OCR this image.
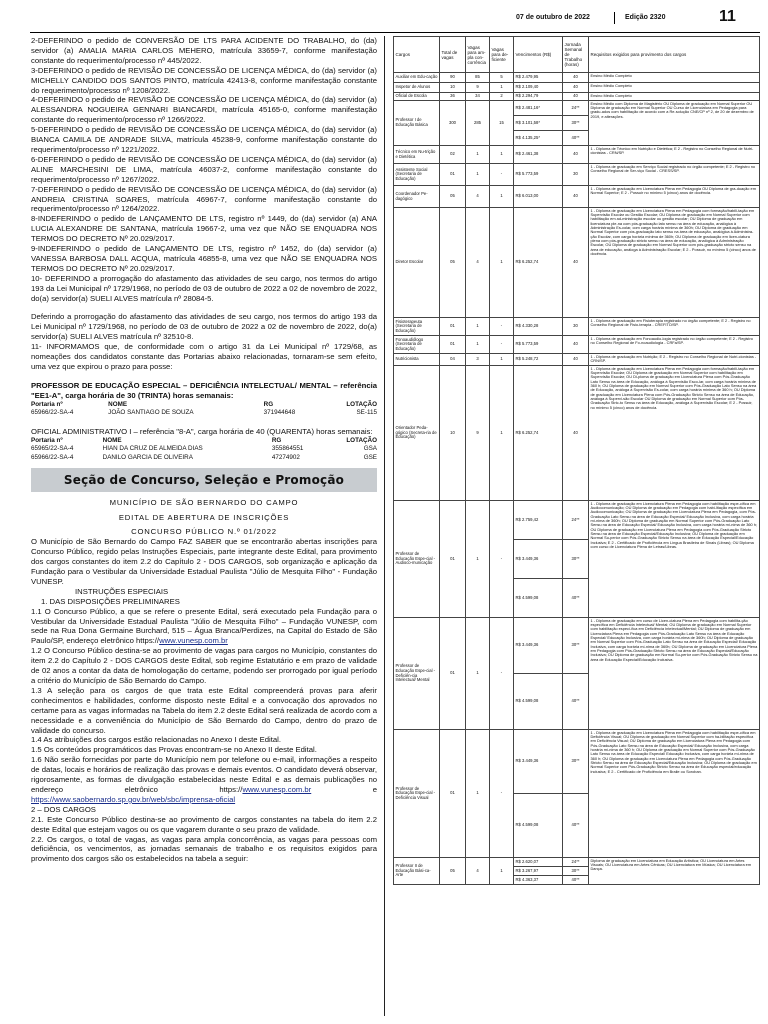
07 de outubro de 2022	Edição 2320	11

2-DEFERINDO o pedido de CONVERSÃO DE LTS PARA ACIDENTE DO TRABALHO, do (da) servidor (a) AMALIA MARIA CARLOS MEHERO, matrícula 33659-7, conforme manifestação constante do requerimento/processo nº 445/2022.

3-DEFERINDO o pedido de REVISÃO DE CONCESSÃO DE LICENÇA MÉDICA, do (da) servidor (a) MICHELLY CANDIDO DOS SANTOS PINTO, matrícula 42413-8, conforme manifestação constante do requerimento/processo nº 1208/2022.

4-DEFERINDO o pedido de REVISÃO DE CONCESSÃO DE LICENÇA MÉDICA, do (da) servidor (a) ALESSANDRA NOGUEIRA GENNARI BIANCARDI, matrícula 45165-0, conforme manifestação constante do requerimento/processo nº 1266/2022.

5-DEFERINDO o pedido de REVISÃO DE CONCESSÃO DE LICENÇA MÉDICA, do (da) servidor (a) BIANCA CAMILA DE ANDRADE SILVA, matrícula 45238-9, conforme manifestação constante do requerimento/processo nº 1221/2022.

6-DEFERINDO o pedido de REVISÃO DE CONCESSÃO DE LICENÇA MÉDICA, do (da) servidor (a) ALINE MARCHESINI DE LIMA, matrícula 46037-2, conforme manifestação constante do requerimento/processo nº 1267/2022.

7-DEFERINDO o pedido de REVISÃO DE CONCESSÃO DE LICENÇA MÉDICA, do (da) servidor (a) ANDREIA CRISTINA SOARES, matrícula 46967-7, conforme manifestação constante do requerimento/processo nº 1264/2022.

8-INDEFERINDO o pedido de LANÇAMENTO DE LTS, registro nº 1449, do (da) servidor (a) ANA LUCIA ALEXANDRE DE SANTANA, matrícula 19667-2, uma vez que NÃO SE ENQUADRA NOS TERMOS DO DECRETO Nº 20.029/2017.

9-INDEFERINDO o pedido de LANÇAMENTO DE LTS, registro nº 1452, do (da) servidor (a) VANESSA BARBOSA DALL ACQUA, matrícula 46855-8, uma vez que NÃO SE ENQUADRA NOS TERMOS DO DECRETO Nº 20.029/2017.

10- DEFERINDO a prorrogação do afastamento das atividades de seu cargo, nos termos do artigo 193 da Lei Municipal nº 1729/1968, no período de 03 de outubro de 2022 a 02 de novembro de 2022, do(a) servidor(a) SUELI ALVES matrícula nº 28084-5.

Deferindo a prorrogação do afastamento das atividades de seu cargo, nos termos do artigo 193 da Lei Municipal nº 1729/1968, no período de 03 de outubro de 2022 a 02 de novembro de 2022, do(a) servidor(a) SUELI ALVES matrícula nº 32510-8.

11- INFORMAMOS que, de conformidade com o artigo 31 da Lei Municipal nº 1729/68, as nomeações dos candidatos constante das Portarias abaixo relacionadas, tornaram-se sem efeito, uma vez que expirou o prazo para posse:

PROFESSOR DE EDUCAÇÃO ESPECIAL – DEFICIÊNCIA INTELECTUAL/ MENTAL – referência "EE1-A", carga horária de 30 (TRINTA) horas semanais:

Portaria nº	NOME	RG	LOTAÇÃO
65966/22-SA-4	JOÃO SANTIAGO DE SOUZA	371944648	SE-115

OFICIAL ADMINISTRATIVO I – referência "8-A", carga horária de 40 (QUARENTA) horas semanais:

Portaria nº	NOME	RG	LOTAÇÃO
65965/22-SA-4	HIAN DA CRUZ DE ALMEIDA DIAS	355864551	GSA
65966/22-SA-4	DANILO GARCIA DE OLIVEIRA	47274902	GSE
Seção de Concurso, Seleção e Promoção

MUNICÍPIO DE SÃO BERNARDO DO CAMPO

EDITAL DE ABERTURA DE INSCRIÇÕES

CONCURSO PÚBLICO N.º 01/2022

O Município de São Bernardo do Campo FAZ SABER que se encontrarão abertas inscrições para Concurso Público, regido pelas Instruções Especiais, parte integrante deste Edital, para provimento dos cargos constantes do item 2.2 do Capítulo 2 - DOS CARGOS, sob organização e aplicação da Fundação para o Vestibular da Universidade Estadual Paulista "Júlio de Mesquita Filho" - Fundação VUNESP.

INSTRUÇÕES ESPECIAIS

1. DAS DISPOSIÇÕES PRELIMINARES

1.1 O Concurso Público, a que se refere o presente Edital, será executado pela Fundação para o Vestibular da Universidade Estadual Paulista "Júlio de Mesquita Filho" – Fundação VUNESP, com sede na Rua Dona Germaine Burchard, 515 – Água Branca/Perdizes, na Capital do Estado de São Paulo/SP, endereço eletrônico https://www.vunesp.com.br

1.2 O Concurso Público destina-se ao provimento de vagas para cargos no Município, constantes do item 2.2 do Capítulo 2 - DOS CARGOS deste Edital, sob regime Estatutário e em prazo de validade de 02 anos a contar da data de homologação do certame, podendo ser prorrogado por igual período a critério do Município de São Bernardo do Campo.

1.3 A seleção para os cargos de que trata este Edital compreenderá provas para aferir conhecimentos e habilidades, conforme disposto neste Edital e a convocação dos aprovados no certame para as vagas informadas na Tabela do item 2.2 deste Edital será realizada de acordo com a necessidade e a conveniência do Município de São Bernardo do Campo, dentro do prazo de validade do concurso.

1.4 As atribuições dos cargos estão relacionadas no Anexo I deste Edital.

1.5 Os conteúdos programáticos das Provas encontram-se no Anexo II deste Edital.

1.6 Não serão fornecidas por parte do Município nem por telefone ou e-mail, informações a respeito de datas, locais e horários de realização das provas e demais eventos. O candidato deverá observar, rigorosamente, as formas de divulgação estabelecidas neste Edital e as demais publicações no endereço eletrônico https://www.vunesp.com.br e https://www.saobernardo.sp.gov.br/web/sbc/imprensa-oficial

2 – DOS CARGOS

2.1. Este Concurso Público destina-se ao provimento de cargos constantes na tabela do item 2.2 deste Edital que estejam vagos ou os que vagarem durante o seu prazo de validade.

2.2. Os cargos, o total de vagas, as vagas para ampla concorrência, as vagas para pessoas com deficiência, os vencimentos, as jornadas semanais de trabalho e os requisitos exigidos para provimento dos cargos são os estabelecidos na tabela a seguir:

Cargos	Total de vagas	Vagas para am-pla con-corrência	Vagas para de-ficiente	Vencimentos (R$)	Jornada Semanal de Trabalho (horas)	Requisitos exigidos para provimento dos cargos
Auxiliar em Edu-cação	90	85	5	R$ 2.479,95	40	Ensino Médio Completo
Inspetor de Alunos	10	9	1	R$ 2.109,40	40	Ensino Médio Completo
Oficial de Escola	36	34	2	R$ 2.294,79	40	Ensino Médio Completo
Professor I de Educação Básica	300	285	15	R$ 2.481,16*	24**	Ensino Médio com Diploma de Magistério OU Diploma de graduação em Normal Superior OU Diploma de graduação em Normal Superior OU Curso de Licenciatura em Pedagogia para gradu-ados com habilitação de acordo com a Re-solução CNE/CP nº 2, de 20 de dezembro de 2019, e alterações.
				R$ 3.101,58*	30**	
				R$ 4.135,25*	40**	
Técnico em Nu-trição e Dietética	02	1	1	R$ 2.461,38	40	1 - Diploma de Técnico em Nutrição e Dietética; E 2 - Registro no Conselho Regional de Nutri-cionistas - CRN/SP.
Assistente Social (Secretaria de Educação)	01	1	-	R$ 5.773,59	30	1 - Diploma de graduação em Serviço Social registrado no órgão competente; E 2 - Registro no Conselho Regional de Ser-viço Social - CRESS/SP.
Coordenador Pe-dagógico	05	4	1	R$ 6.013,00	40	1 - Diploma de graduação em Licenciatura Plena em Pedagogia OU Diploma de gra-duação em Normal Superior; E 2 - Possuir no mínimo 5 (cinco) anos de docência.
Diretor Escolar	05	4	1	R$ 6.252,74	40	1 - Diploma de graduação em Licenciatura Plena em Pedagogia com formação/habili-tação em Supervisão Escolar ou Gestão Escolar; OU Diploma de graduação em Normal Superior com habilitação em ad-ministração escolar ou gestão escolar; OU Diploma de graduação em licenciatura ple-na com pós-graduação lato sensu na área de educação, analógica à Administração Es-colar, com carga horária mínima de 360h; OU Diploma de graduação em Normal Superior com pós-graduação lato sensu na área de educação, analógica à Administra-ção Escolar, com carga horária mínima de 360h; OU Diploma de graduação em licen-ciatura plena com pós-graduação stricto sensu na área de educação, analógica à Administração Escolar, OU Diploma de graduação em Normal Superior com pós-graduação stricto sensu na área de educação, análoga à Administração Escolar; E 2 - Possuir, no mínimo 5 (cinco) anos de docência.
Fisioterapeuta (Secretaria de Educação)	01	1	-	R$ 4.330,28	30	1 - Diploma de graduação em Fisioterapia registrado no órgão competente; E 2 - Registro no Conselho Regional de Fisio-terapia - CREFITO/SP.
Fonoaudiólogo (Secretaria de Educação)	01	1	-	R$ 5.773,59	40	1 - Diploma de graduação em Fonoaudio-logia registrado no órgão competente; E 2 - Registro no Conselho Regional de Fo-noaudiologia - CRFa/SP.
Nutricionista	04	3	1	R$ 5.248,72	40	1 - Diploma de graduação em Nutrição; E 2 - Registro no Conselho Regional de Nutri-cionistas - CRN/SP.
Orientador Peda-gógico (Secreta-ria de Educação)	10	9	1	R$ 6.252,74	40	1 - Diploma de graduação em Licenciatura Plena em Pedagogia com formação/habili-tação em Supervisão Escolar; OU Diploma de graduação em Normal Superior com habilitação em Supervisão Escolar; OU Di-ploma de graduação em Licenciatura Plena com Pós-Graduação Lato Sensu na área de Educação, análoga à Supervisão Esco-lar, com carga horária mínima de 360 h; OU Diploma de graduação em Normal Superior com Pós-Graduação Lato Sensu na área de Educação, análoga à Supervisão Es-colar, com carga horária mínima de 360 h; OU Diploma de graduação em Licenciatura Plena com Pós-Graduação Stricto Sensu na área de Educação, análoga à Supervi-são Escolar OU Diploma de graduação em Normal Superior com Pós-Graduação Stric-to Sensu na área de Educação, análoga à Supervisão Escolar; E 2 - Possuir, no mínimo 5 (cinco) anos de docência.
Professor de Educação Espe-cial - Audioco-municação	01	1	-	R$ 2.759,42	24**	1 - Diploma de graduação em Licenciatura Plena em Pedagogia com habilitação espe-cífica em Audiocomunicação; OU Diploma de graduação em Pedagogia com habi-litação específica em Audiocomunicação; OU Diploma de graduação em Licenciatura Plena em Pedagogia, com Pós-Graduação Lato Sensu na área de Educação Especial/ Educação Inclusiva, com carga horária mí-nima de 360h; OU Diploma de graduação em Normal Superior com Pós-Graduação Lato Sensu na área de Educação Especial/ Educação Inclusiva, com carga horária mí-nima de 360 h; OU Diploma de graduação em Licenciatura Plena em Pedagogia com Pós-Graduação Stricto Sensu na área de Educação Especial/Educação Inclusiva; OU Diploma de graduação em Normal Su-perior com Pós-Graduação Stricto Sensu na área de Educação Especial/Educação Inclusiva; E 2 - Certificado de Proficiência em Língua Brasileira de Sinais (Libras); OU Diploma com curso de Licenciatura Plena de Letras/Libras.
				R$ 3.449,36	30**	
				R$ 4.599,08	40**	
Professor de Educação Espe-cial - Deficiên-cia Intelectual/ Mental	01	1	-	R$ 3.449,36	30**	1 - Diploma de graduação em curso de Licen-ciatura Plena em Pedagogia com habilita-ção específica em Deficiência Intelectual/ Mental; OU Diploma de graduação em Normal Superior com habilitação especí-fica em Deficiência Intelectual/Mental; OU Diploma de graduação em Licenciatura Plena em Pedagogia com Pós-Graduação Lato Sensu na área de Educação Especial/ Educação Inclusiva, com carga horária mí-nima de 360h; OU Diploma de graduação em Normal Superior com Pós-Graduação Lato Sensu na área de Educação Especial/ Educação Inclusiva, com carga horária mí-nima de 360h; OU Diploma de graduação em Licenciatura Plena em Pedagogia com Pós-Graduação Stricto Sensu na área de Educação Especial/Educação Inclusiva; OU Diploma de graduação em Normal Su-perior com Pós-Graduação Stricto Sensu na área de Educação Especial/Educação Inclusiva.
				R$ 4.599,08	40**	
Professor de Educação Espe-cial - Deficiência Visual	01	1	-	R$ 3.449,36	30**	1 - Diploma de graduação em Licenciatura Plena em Pedagogia com habilitação espe-cífica em Deficiência Visual; OU Diploma de graduação em Normal Superior com ha-bilitação específica em Deficiência Visual; OU Diploma de graduação em Licenciatura Plena em Pedagogia com Pós-Graduação Lato Sensu na área de Educação Especial/ Educação Inclusiva, com carga horária mí-nima de 360 h; OU Diploma de graduação em Normal Superior com Pós-Graduação Lato Sensu na área de Educação Especial/ Educação Inclusiva, com carga horária mí-nima de 360 h; OU Diploma de graduação em Licenciatura Plena em Pedagogia com Pós-Graduação Stricto Sensu na área de Educação Especial/Educação Inclusiva; OU Diploma de graduação em Normal Superior com Pós-Graduação Stricto Sensu na área de Educação especial/educação inclusiva; E 2 - Certificado de Proficiência em Braile ou Soroban.
				R$ 4.599,08	40**	
Professor II de Educação Bási-ca-Arte	05	4	1	R$ 2.620,07	24**	Diploma de graduação em Licenciatura em Educação Artística; OU Licenciatura em Artes Visuais; OU Licenciatura em Artes Cênicas; OU Licenciatura em Música; OU Licenciatura em Dança.
				R$ 3.267,97	30**	
				R$ 4.363,37	40**	
